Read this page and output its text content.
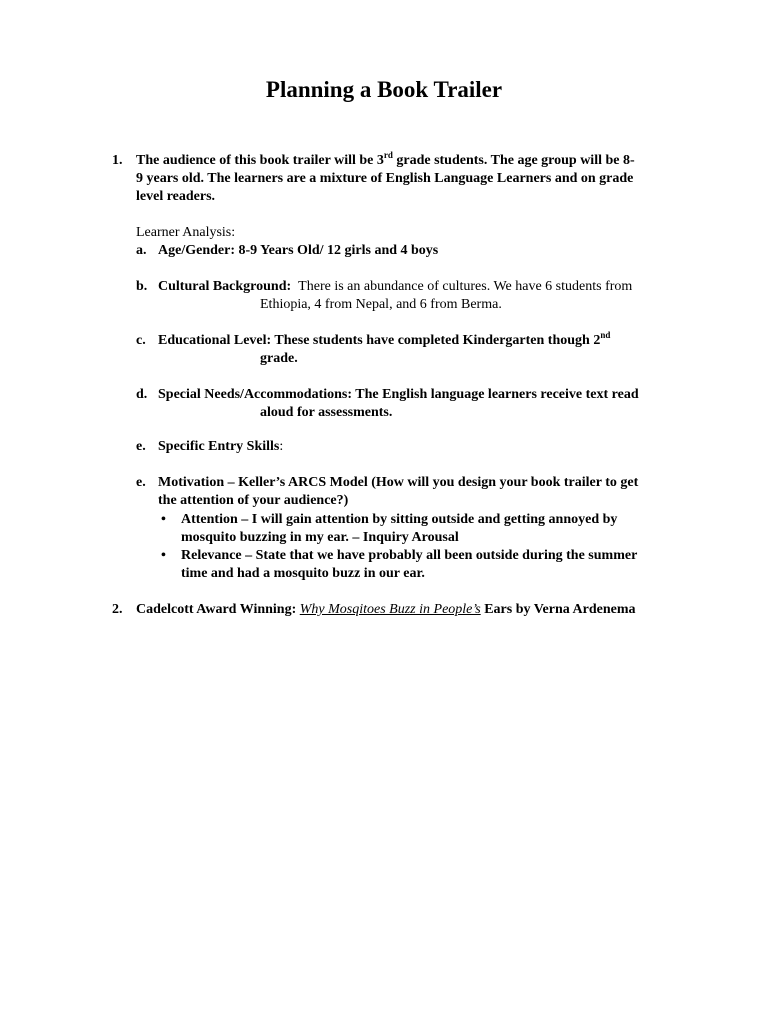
Planning a Book Trailer
1. The audience of this book trailer will be 3rd grade students. The age group will be 8-
9 years old. The learners are a mixture of English Language Learners and on grade
level readers.
Learner Analysis:
a. Age/Gender: 8-9 Years Old/ 12 girls and 4 boys
b. Cultural Background: There is an abundance of cultures. We have 6 students from
Ethiopia, 4 from Nepal, and 6 from Berma.
c. Educational Level: These students have completed Kindergarten though 2nd
grade.
d. Special Needs/Accommodations: The English language learners receive text read
aloud for assessments.
e. Specific Entry Skills:
e. Motivation – Keller’s ARCS Model (How will you design your book trailer to get
the attention of your audience?)
• Attention – I will gain attention by sitting outside and getting annoyed by
mosquito buzzing in my ear. – Inquiry Arousal
• Relevance – State that we have probably all been outside during the summer
time and had a mosquito buzz in our ear.
2. Cadelcott Award Winning: Why Mosqitoes Buzz in People’s Ears by Verna Ardenema
